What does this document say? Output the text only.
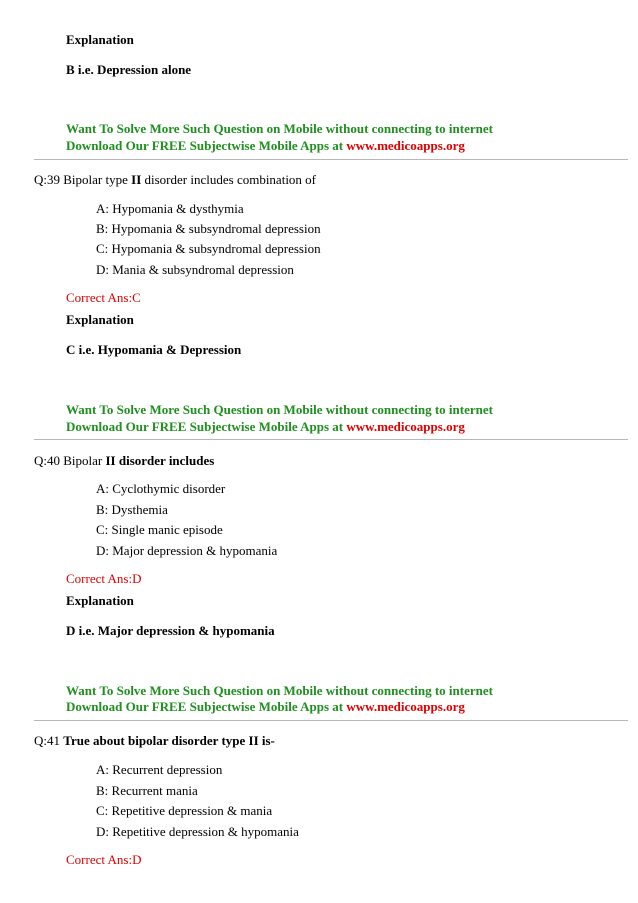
Explanation
B i.e. Depression alone
Want To Solve More Such Question on Mobile without connecting to internet
Download Our FREE Subjectwise Mobile Apps at www.medicoapps.org
Q:39 Bipolar type II disorder includes combination of
A: Hypomania & dysthymia
B: Hypomania & subsyndromal depression
C: Hypomania & subsyndromal depression
D: Mania & subsyndromal depression
Correct Ans:C
Explanation
C i.e. Hypomania & Depression
Want To Solve More Such Question on Mobile without connecting to internet
Download Our FREE Subjectwise Mobile Apps at www.medicoapps.org
Q:40 Bipolar II disorder includes
A: Cyclothymic disorder
B: Dysthemia
C: Single manic episode
D: Major depression & hypomania
Correct Ans:D
Explanation
D i.e. Major depression & hypomania
Want To Solve More Such Question on Mobile without connecting to internet
Download Our FREE Subjectwise Mobile Apps at www.medicoapps.org
Q:41 True about bipolar disorder type II is-
A: Recurrent depression
B: Recurrent mania
C: Repetitive depression & mania
D: Repetitive depression & hypomania
Correct Ans:D
